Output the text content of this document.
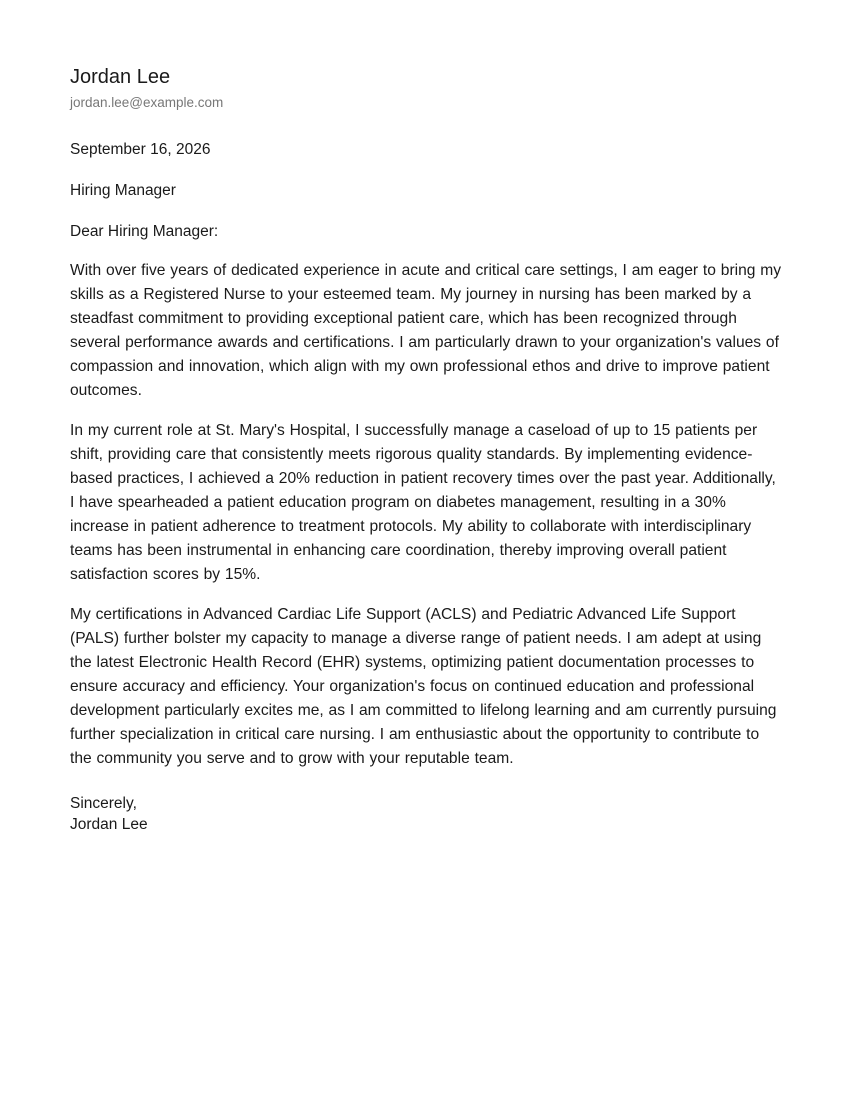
Jordan Lee
jordan.lee@example.com
September 16, 2026
Hiring Manager
Dear Hiring Manager:

With over five years of dedicated experience in acute and critical care settings, I am eager to bring my skills as a Registered Nurse to your esteemed team. My journey in nursing has been marked by a steadfast commitment to providing exceptional patient care, which has been recognized through several performance awards and certifications. I am particularly drawn to your organization's values of compassion and innovation, which align with my own professional ethos and drive to improve patient outcomes.

In my current role at St. Mary's Hospital, I successfully manage a caseload of up to 15 patients per shift, providing care that consistently meets rigorous quality standards. By implementing evidence-based practices, I achieved a 20% reduction in patient recovery times over the past year. Additionally, I have spearheaded a patient education program on diabetes management, resulting in a 30% increase in patient adherence to treatment protocols. My ability to collaborate with interdisciplinary teams has been instrumental in enhancing care coordination, thereby improving overall patient satisfaction scores by 15%.

My certifications in Advanced Cardiac Life Support (ACLS) and Pediatric Advanced Life Support (PALS) further bolster my capacity to manage a diverse range of patient needs. I am adept at using the latest Electronic Health Record (EHR) systems, optimizing patient documentation processes to ensure accuracy and efficiency. Your organization's focus on continued education and professional development particularly excites me, as I am committed to lifelong learning and am currently pursuing further specialization in critical care nursing. I am enthusiastic about the opportunity to contribute to the community you serve and to grow with your reputable team.

Sincerely,
Jordan Lee
